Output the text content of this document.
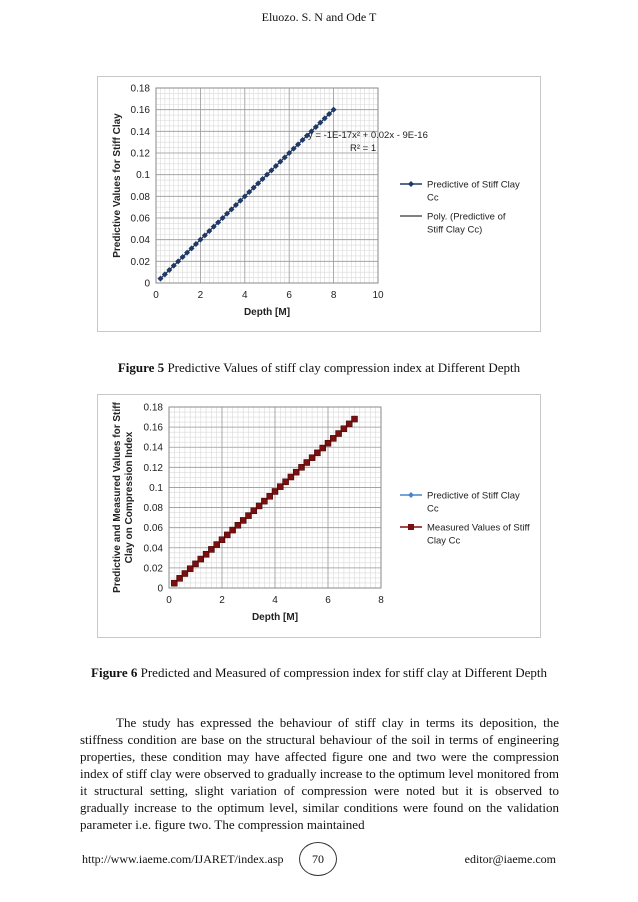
Eluozo. S. N and Ode T
0
0.02
0.04
0.06
0.08
0.1
0.12
0.14
0.16
0.18
0	2	4	6	8	10
Depth [M]
Predictive Values for Stiff Clay	Predictive of Stiff Clay
Cc
Poly. (Predictive of
Stiff Clay Cc)
y = -1E-17x² + 0.02x - 9E-16
R² = 1
Figure 5 Predictive Values of stiff clay compression index at Different Depth
0
0.02
0.04
0.06
0.08
0.1
0.12
0.14
0.16
0.18
0	2	4	6	8
Depth [M]
Predictive and Measured Values for Stiff Clay on Compression Index	Predictive of Stiff Clay
Cc
Measured Values of Stiff
Clay Cc
Figure 6 Predicted and Measured of compression index for stiff clay at Different Depth

The study has expressed the behaviour of stiff clay in terms its deposition, the stiffness condition are base on the structural behaviour of the soil in terms of engineering properties, these condition may have affected figure one and two were the compression index of stiff clay were observed to gradually increase to the optimum level monitored from it structural setting, slight variation of compression were noted but it is observed to gradually increase to the optimum level, similar conditions were found on the validation parameter i.e. figure two. The compression maintained

http://www.iaeme.com/IJARET/index.asp	70	editor@iaeme.com
